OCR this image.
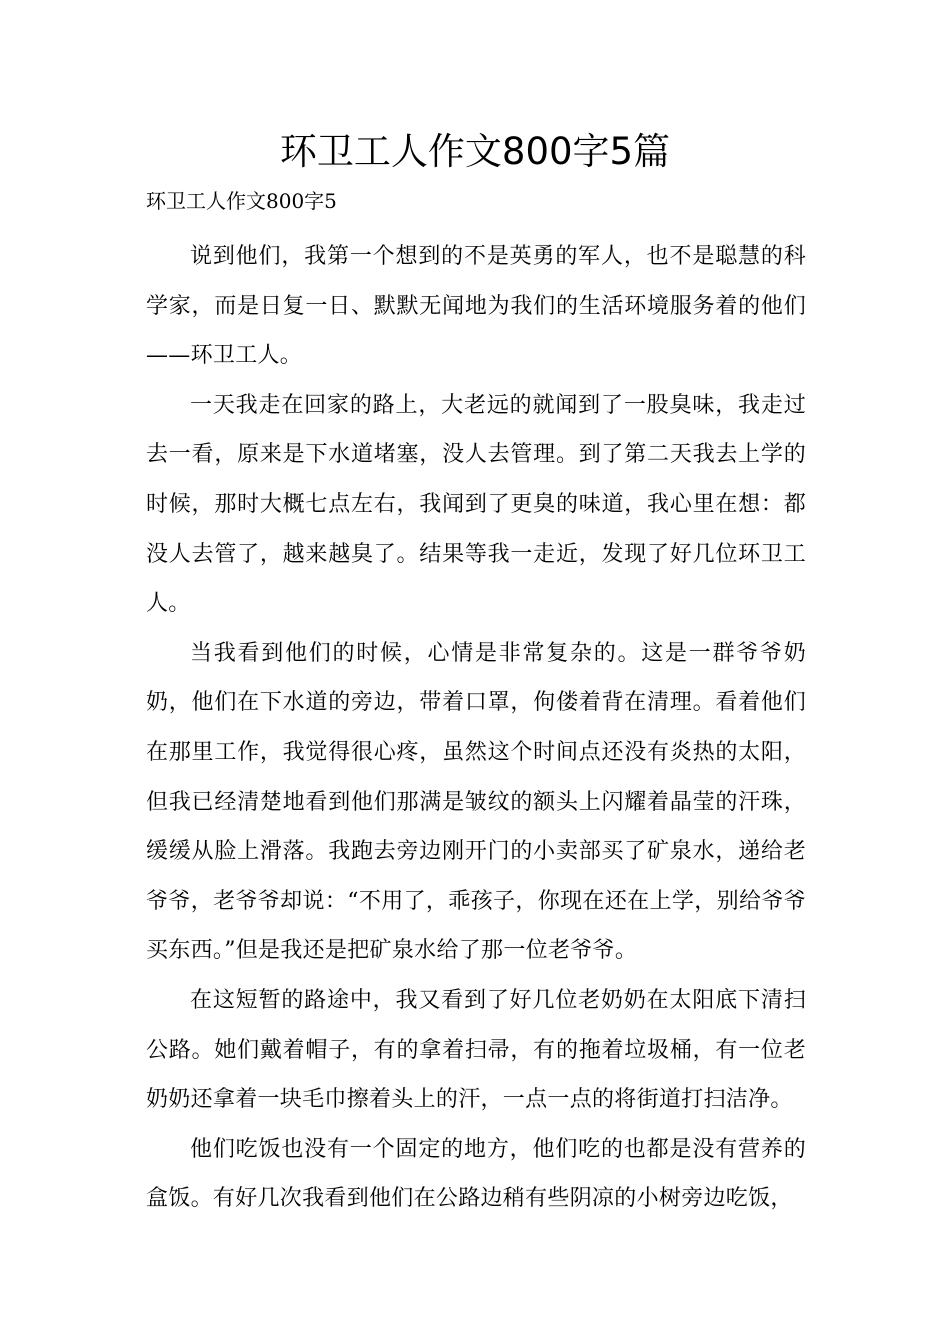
环卫工人作文800字5篇

环卫工人作文800字5

说到他们，我第一个想到的不是英勇的军人，也不是聪慧的科学家，而是日复一日、默默无闻地为我们的生活环境服务着的他们——环卫工人。

一天我走在回家的路上，大老远的就闻到了一股臭味，我走过去一看，原来是下水道堵塞，没人去管理。到了第二天我去上学的时候，那时大概七点左右，我闻到了更臭的味道，我心里在想：都没人去管了，越来越臭了。结果等我一走近，发现了好几位环卫工人。

当我看到他们的时候，心情是非常复杂的。这是一群爷爷奶奶，他们在下水道的旁边，带着口罩，佝偻着背在清理。看着他们在那里工作，我觉得很心疼，虽然这个时间点还没有炎热的太阳，但我已经清楚地看到他们那满是皱纹的额头上闪耀着晶莹的汗珠，缓缓从脸上滑落。我跑去旁边刚开门的小卖部买了矿泉水，递给老爷爷，老爷爷却说：“不用了，乖孩子，你现在还在上学，别给爷爷买东西。”但是我还是把矿泉水给了那一位老爷爷。

在这短暂的路途中，我又看到了好几位老奶奶在太阳底下清扫公路。她们戴着帽子，有的拿着扫帚，有的拖着垃圾桶，有一位老奶奶还拿着一块毛巾擦着头上的汗，一点一点的将街道打扫洁净。

他们吃饭也没有一个固定的地方，他们吃的也都是没有营养的盒饭。有好几次我看到他们在公路边稍有些阴凉的小树旁边吃饭，
